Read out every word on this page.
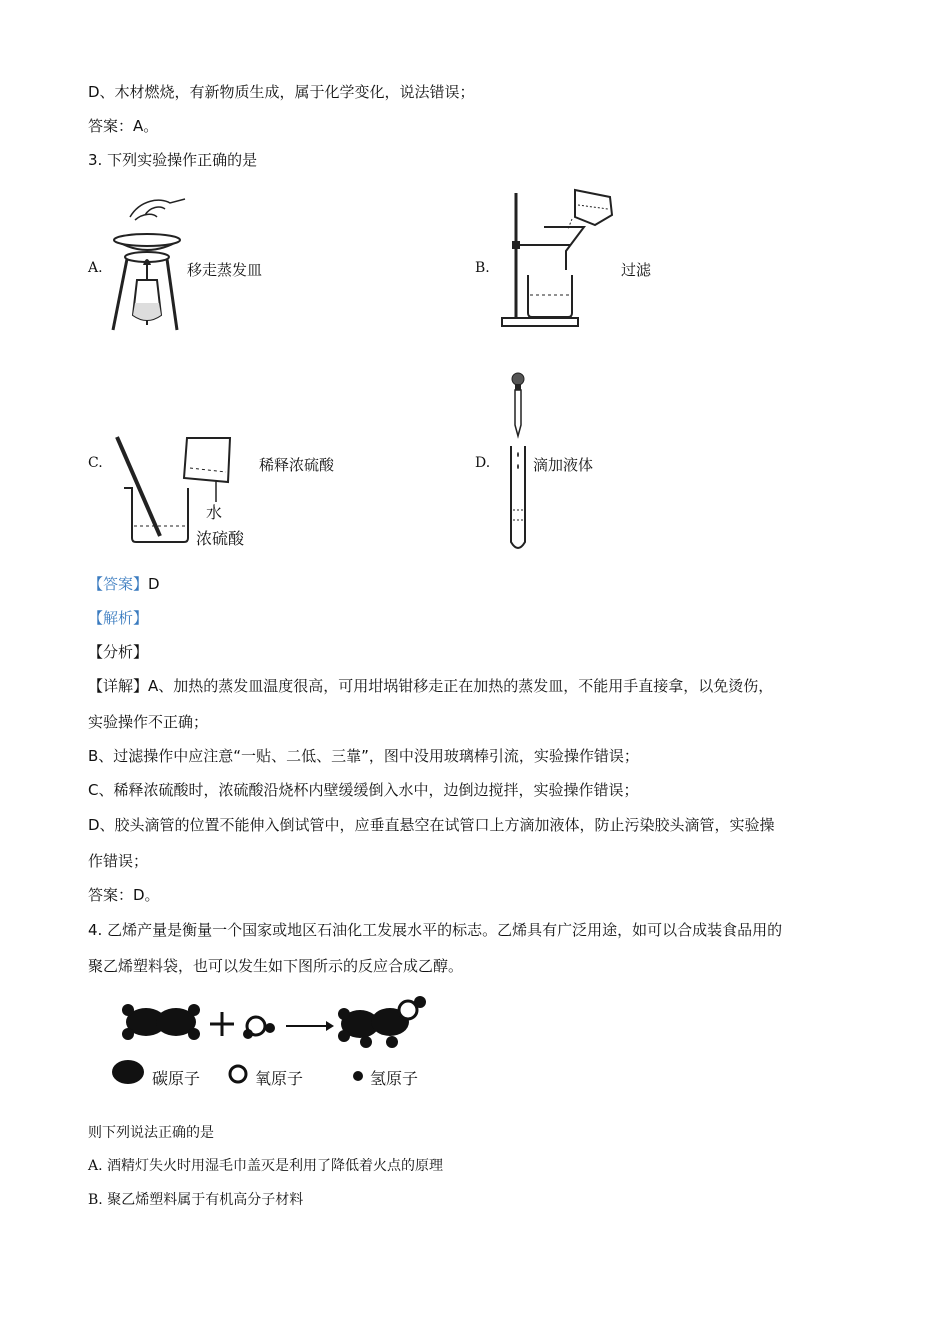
D、木材燃烧，有新物质生成，属于化学变化，说法错误；
答案：A。
3. 下列实验操作正确的是
A.	移走蒸发皿	B.	过滤
C.
水
浓硫酸
稀释浓硫酸	D.	滴加液体
【答案】D
【解析】
【分析】
【详解】A、加热的蒸发皿温度很高，可用坩埚钳移走正在加热的蒸发皿，不能用手直接拿，以免烫伤，
实验操作不正确；
B、过滤操作中应注意“一贴、二低、三靠”，图中没用玻璃棒引流，实验操作错误；
C、稀释浓硫酸时，浓硫酸沿烧杯内壁缓缓倒入水中，边倒边搅拌，实验操作错误；
D、胶头滴管的位置不能伸入倒试管中，应垂直悬空在试管口上方滴加液体，防止污染胶头滴管，实验操
作错误；
答案：D。
4. 乙烯产量是衡量一个国家或地区石油化工发展水平的标志。乙烯具有广泛用途，如可以合成装食品用的
聚乙烯塑料袋，也可以发生如下图所示的反应合成乙醇。
碳原子	氧原子	氢原子
则下列说法正确的是
A. 酒精灯失火时用湿毛巾盖灭是利用了降低着火点的原理
B. 聚乙烯塑料属于有机高分子材料
